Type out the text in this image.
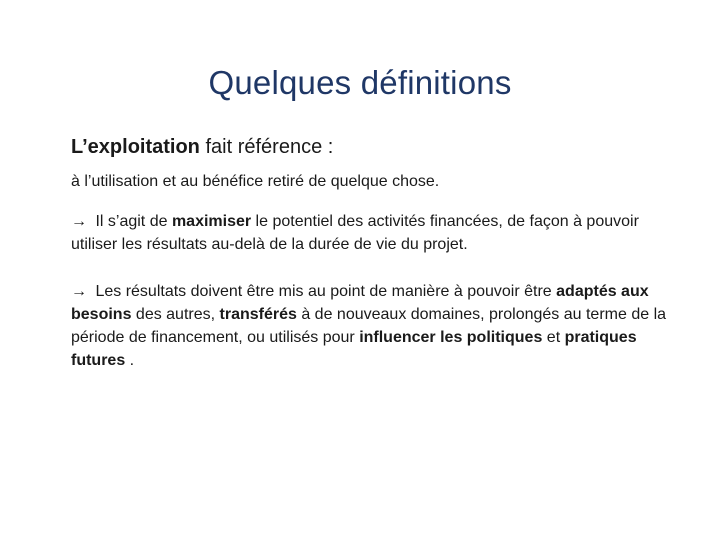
Quelques définitions
L’exploitation fait référence :
à l’utilisation et au bénéfice retiré de quelque chose.
→ Il s’agit de maximiser le potentiel des activités financées, de façon à pouvoir utiliser les résultats au-delà de la durée de vie du projet.
→ Les résultats doivent être mis au point de manière à pouvoir être adaptés aux besoins des autres, transférés à de nouveaux domaines, prolongés au terme de la période de financement, ou utilisés pour influencer les politiques et pratiques futures .
